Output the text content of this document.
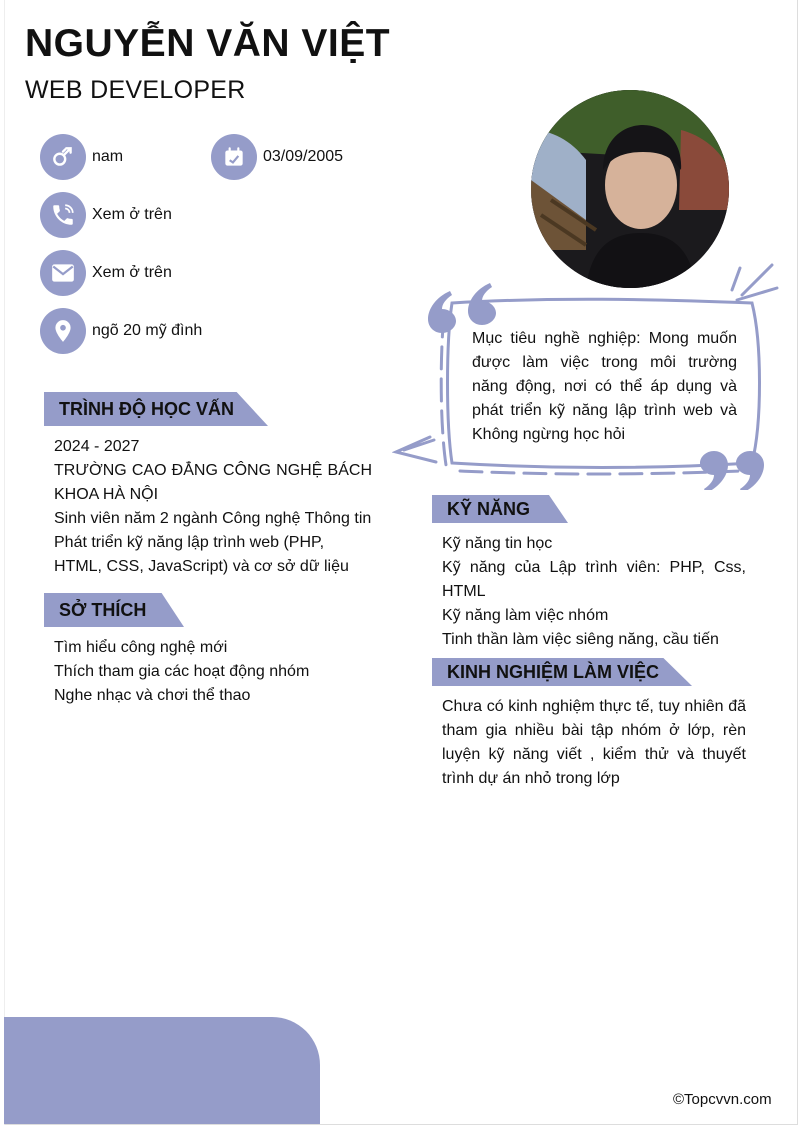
NGUYỄN VĂN VIỆT
WEB DEVELOPER
nam	03/09/2005
Xem ở trên
Xem ở trên
ngõ 20 mỹ đình	Mục tiêu nghề nghiệp: Mong muốn được làm việc trong môi trường năng động, nơi có thể áp dụng và phát triển kỹ năng lập trình web và Không ngừng học hỏi
TRÌNH ĐỘ HỌC VẤN

2024 - 2027

TRƯỜNG CAO ĐẲNG CÔNG NGHỆ BÁCH KHOA HÀ NỘI

Sinh viên năm 2 ngành Công nghệ Thông tin

Phát triển kỹ năng lập trình web (PHP, HTML, CSS, JavaScript) và cơ sở dữ liệu

SỞ THÍCH

Tìm hiểu công nghệ mới

Thích tham gia các hoạt động nhóm

Nghe nhạc và chơi thể thao

KỸ NĂNG

Kỹ năng tin học

Kỹ năng của Lập trình viên: PHP, Css, HTML

Kỹ năng làm việc nhóm

Tinh thần làm việc siêng năng, cầu tiến

KINH NGHIỆM LÀM VIỆC

Chưa có kinh nghiệm thực tế, tuy nhiên đã tham gia nhiều bài tập nhóm ở lớp, rèn luyện kỹ năng viết , kiểm thử và thuyết trình dự án nhỏ trong lớp

©Topcvvn.com
